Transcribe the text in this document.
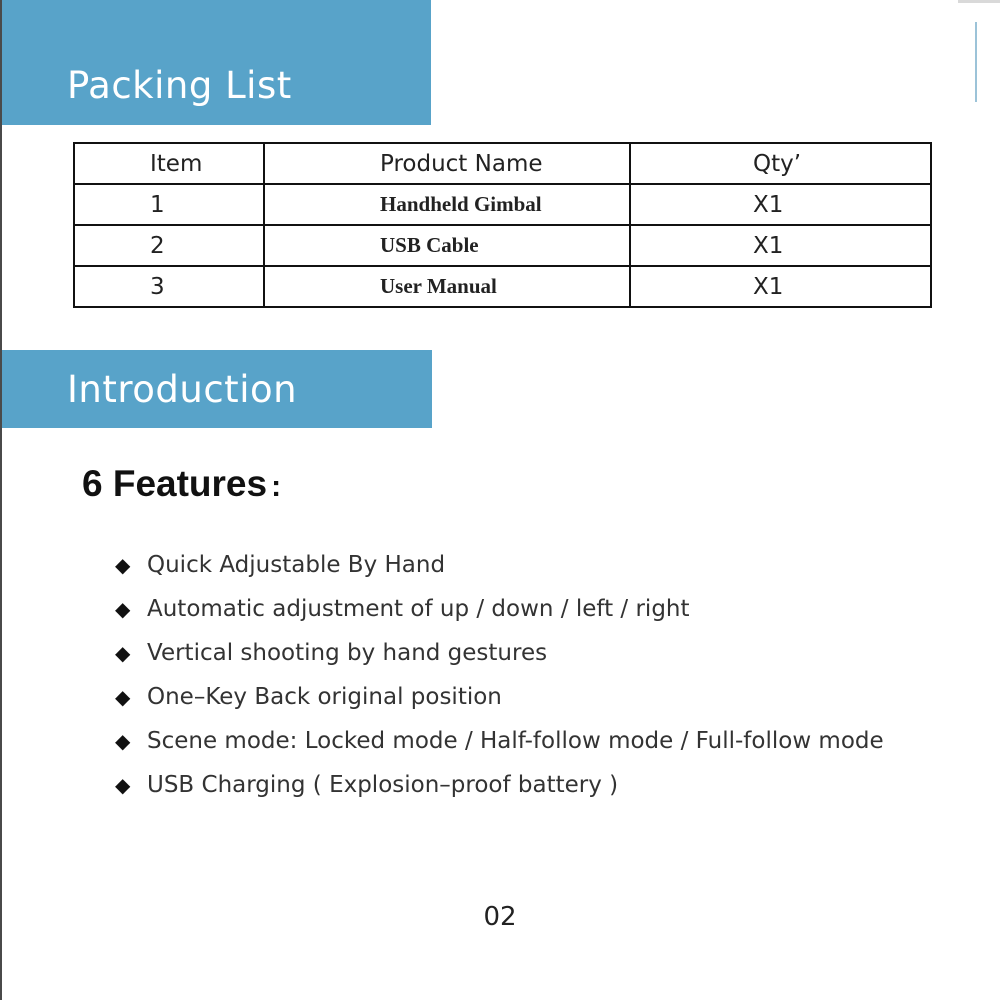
Packing List
Item	Product Name	Qty’
1	Handheld Gimbal	X1
2	USB Cable	X1
3	User Manual	X1
Introduction
6 Features :
◆ Quick Adjustable By Hand
◆ Automatic adjustment of up / down / left / right
◆ Vertical shooting by hand gestures
◆ One–Key Back original position
◆ Scene mode: Locked mode / Half-follow mode / Full-follow mode
◆ USB Charging ( Explosion–proof battery )
02
